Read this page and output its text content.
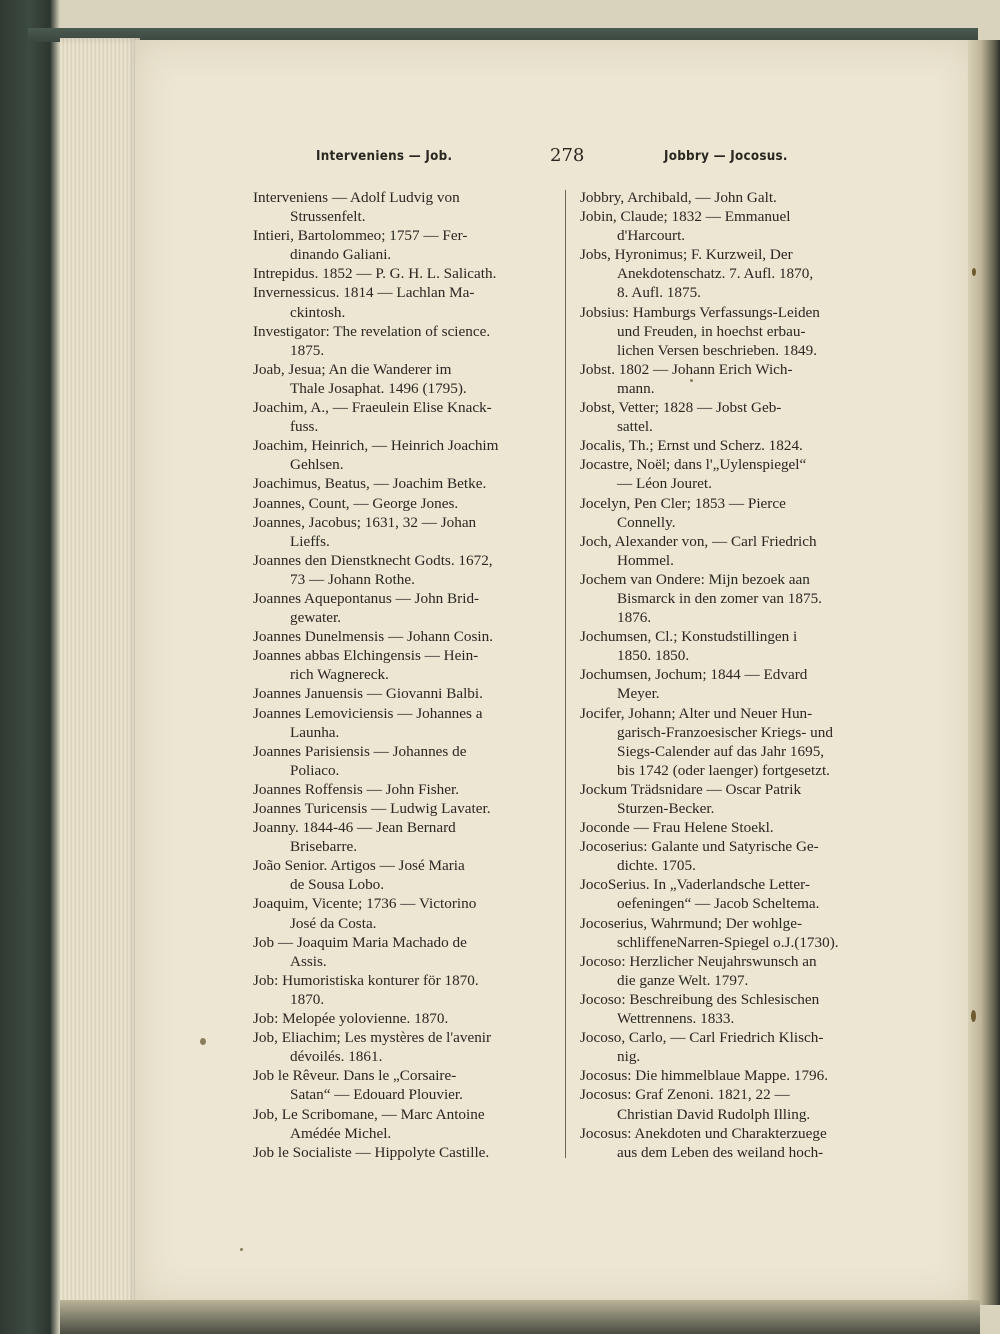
Interveniens — Job.	278	Jobbry — Jocosus.

Interveniens — Adolf Ludvig von
Strussenfelt.

Intieri, Bartolommeo; 1757 — Fer-
dinando Galiani.

Intrepidus. 1852 — P. G. H. L. Salicath.

Invernessicus. 1814 — Lachlan Ma-
ckintosh.

Investigator: The revelation of science.
1875.

Joab, Jesua; An die Wanderer im
Thale Josaphat. 1496 (1795).

Joachim, A., — Fraeulein Elise Knack-
fuss.

Joachim, Heinrich, — Heinrich Joachim
Gehlsen.

Joachimus, Beatus, — Joachim Betke.

Joannes, Count, — George Jones.

Joannes, Jacobus; 1631, 32 — Johan
Lieffs.

Joannes den Dienstknecht Godts. 1672,
73 — Johann Rothe.

Joannes Aquepontanus — John Brid-
gewater.

Joannes Dunelmensis — Johann Cosin.

Joannes abbas Elchingensis — Hein-
rich Wagnereck.

Joannes Januensis — Giovanni Balbi.

Joannes Lemoviciensis — Johannes a
Launha.

Joannes Parisiensis — Johannes de
Poliaco.

Joannes Roffensis — John Fisher.

Joannes Turicensis — Ludwig Lavater.

Joanny. 1844-46 — Jean Bernard
Brisebarre.

João Senior. Artigos — José Maria
de Sousa Lobo.

Joaquim, Vicente; 1736 — Victorino
José da Costa.

Job — Joaquim Maria Machado de
Assis.

Job: Humoristiska konturer för 1870.
1870.

Job: Melopée yolovienne. 1870.

Job, Eliachim; Les mystères de l'avenir
dévoilés. 1861.

Job le Rêveur. Dans le „Corsaire-
Satan“ — Edouard Plouvier.

Job, Le Scribomane, — Marc Antoine
Amédée Michel.

Job le Socialiste — Hippolyte Castille.

Jobbry, Archibald, — John Galt.

Jobin, Claude; 1832 — Emmanuel
d'Harcourt.

Jobs, Hyronimus; F. Kurzweil, Der
Anekdotenschatz. 7. Aufl. 1870,
8. Aufl. 1875.

Jobsius: Hamburgs Verfassungs-Leiden
und Freuden, in hoechst erbau-
lichen Versen beschrieben. 1849.

Jobst. 1802 — Johann Erich Wich-
mann.

Jobst, Vetter; 1828 — Jobst Geb-
sattel.

Jocalis, Th.; Ernst und Scherz. 1824.

Jocastre, Noël; dans l'„Uylenspiegel“
— Léon Jouret.

Jocelyn, Pen Cler; 1853 — Pierce
Connelly.

Joch, Alexander von, — Carl Friedrich
Hommel.

Jochem van Ondere: Mijn bezoek aan
Bismarck in den zomer van 1875.
1876.

Jochumsen, Cl.; Konstudstillingen i
1850. 1850.

Jochumsen, Jochum; 1844 — Edvard
Meyer.

Jocifer, Johann; Alter und Neuer Hun-
garisch-Franzoesischer Kriegs- und
Siegs-Calender auf das Jahr 1695,
bis 1742 (oder laenger) fortgesetzt.

Jockum Trädsnidare — Oscar Patrik
Sturzen-Becker.

Joconde — Frau Helene Stoekl.

Jocoserius: Galante und Satyrische Ge-
dichte. 1705.

JocoSerius. In „Vaderlandsche Letter-
oefeningen“ — Jacob Scheltema.

Jocoserius, Wahrmund; Der wohlge-
schliffeneNarren-Spiegel o.J.(1730).

Jocoso: Herzlicher Neujahrswunsch an
die ganze Welt. 1797.

Jocoso: Beschreibung des Schlesischen
Wettrennens. 1833.

Jocoso, Carlo, — Carl Friedrich Klisch-
nig.

Jocosus: Die himmelblaue Mappe. 1796.

Jocosus: Graf Zenoni. 1821, 22 —
Christian David Rudolph Illing.

Jocosus: Anekdoten und Charakterzuege
aus dem Leben des weiland hoch-
